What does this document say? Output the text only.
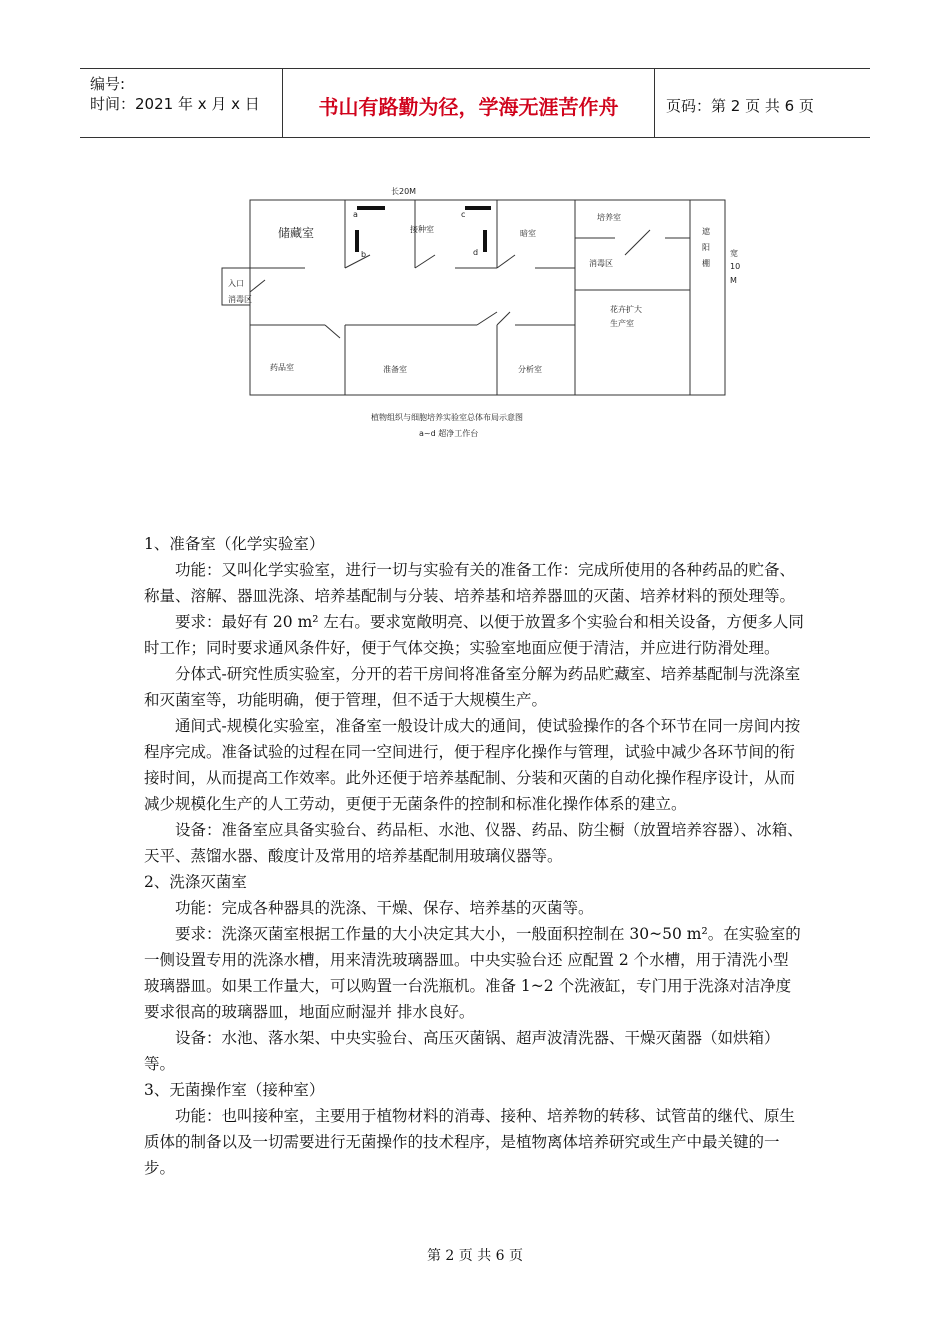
编号:
时间：2021 年 x 月 x 日	书山有路勤为径，学海无涯苦作舟	页码：第 2 页 共 6 页
长20M
宽
10
M
储藏室	接种室	暗室
培养室
消毒区
遮
阳
棚
入口
消毒区
花卉扩大
生产室
药品室	准备室	分析室
a
b
c
d
植物组织与细胞培养实验室总体布局示意图
a~d 超净工作台

1、准备室（化学实验室）

功能：又叫化学实验室，进行一切与实验有关的准备工作：完成所使用的各种药品的贮备、称量、溶解、器皿洗涤、培养基配制与分装、培养基和培养器皿的灭菌、培养材料的预处理等。

要求：最好有 20 m² 左右。要求宽敞明亮、以便于放置多个实验台和相关设备，方便多人同时工作；同时要求通风条件好，便于气体交换；实验室地面应便于清洁，并应进行防滑处理。

分体式-研究性质实验室，分开的若干房间将准备室分解为药品贮藏室、培养基配制与洗涤室和灭菌室等，功能明确，便于管理，但不适于大规模生产。

通间式-规模化实验室，准备室一般设计成大的通间，使试验操作的各个环节在同一房间内按程序完成。准备试验的过程在同一空间进行，便于程序化操作与管理，试验中减少各环节间的衔接时间，从而提高工作效率。此外还便于培养基配制、分装和灭菌的自动化操作程序设计，从而减少规模化生产的人工劳动，更便于无菌条件的控制和标准化操作体系的建立。

设备：准备室应具备实验台、药品柜、水池、仪器、药品、防尘橱（放置培养容器）、冰箱、天平、蒸馏水器、酸度计及常用的培养基配制用玻璃仪器等。

2、洗涤灭菌室

功能：完成各种器具的洗涤、干燥、保存、培养基的灭菌等。

要求：洗涤灭菌室根据工作量的大小决定其大小，一般面积控制在 30~50 m²。在实验室的一侧设置专用的洗涤水槽，用来清洗玻璃器皿。中央实验台还 应配置 2 个水槽，用于清洗小型玻璃器皿。如果工作量大，可以购置一台洗瓶机。准备 1~2 个洗液缸，专门用于洗涤对洁净度要求很高的玻璃器皿，地面应耐湿并 排水良好。

设备：水池、落水架、中央实验台、高压灭菌锅、超声波清洗器、干燥灭菌器（如烘箱）等。

3、无菌操作室（接种室）

功能：也叫接种室，主要用于植物材料的消毒、接种、培养物的转移、试管苗的继代、原生质体的制备以及一切需要进行无菌操作的技术程序，是植物离体培养研究或生产中最关键的一步。

第 2 页 共 6 页
